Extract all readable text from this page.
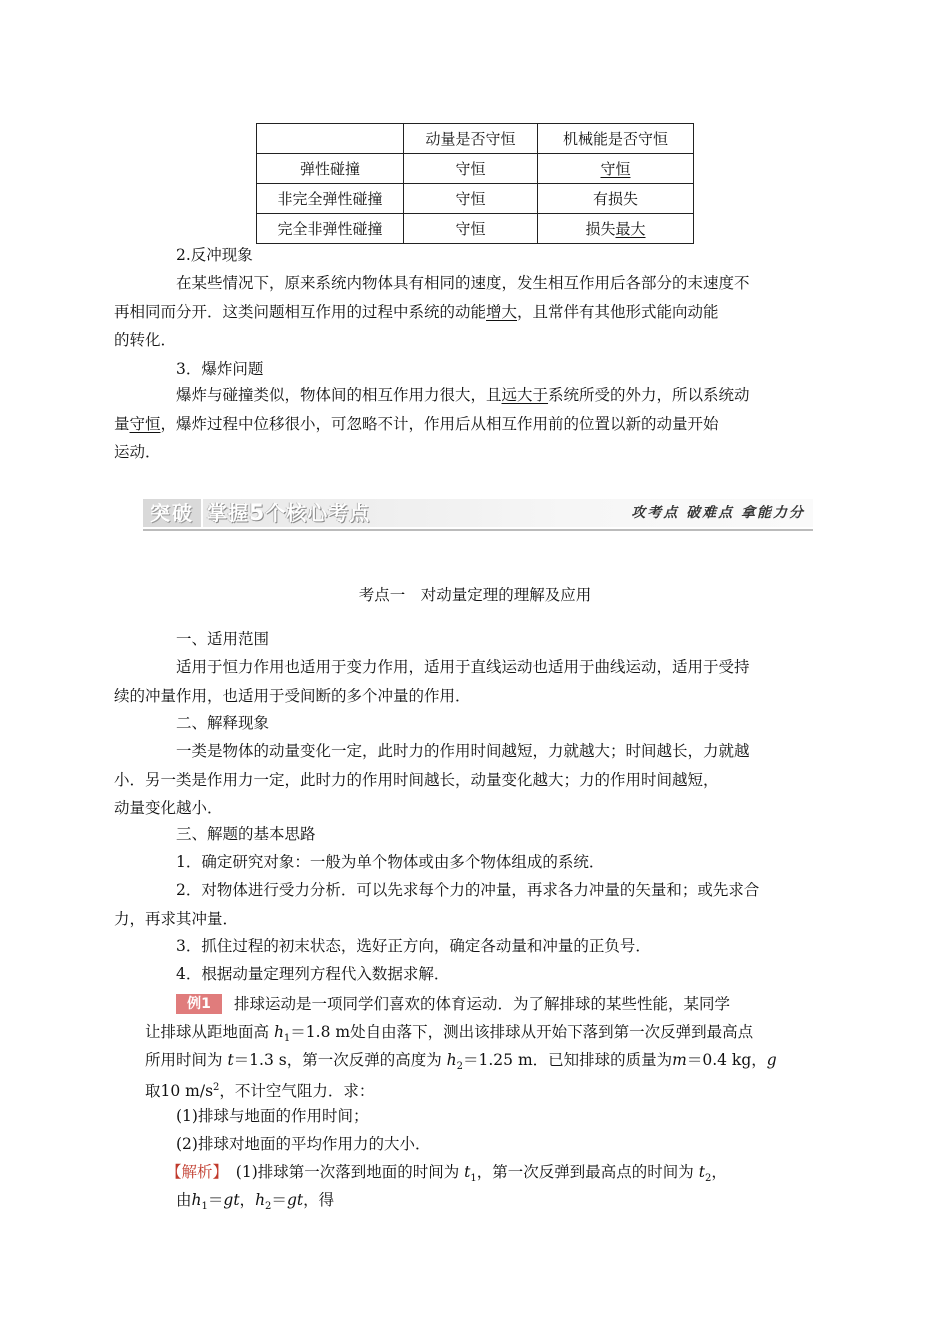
	动量是否守恒	机械能是否守恒
弹性碰撞	守恒	守恒
非完全弹性碰撞	守恒	有损失
完全非弹性碰撞	守恒	损失最大
2.反冲现象
在某些情况下，原来系统内物体具有相同的速度，发生相互作用后各部分的末速度不
再相同而分开．这类问题相互作用的过程中系统的动能增大，且常伴有其他形式能向动能
的转化．
3．爆炸问题
爆炸与碰撞类似，物体间的相互作用力很大，且远大于系统所受的外力，所以系统动
量守恒，爆炸过程中位移很小，可忽略不计，作用后从相互作用前的位置以新的动量开始
运动．
突破 掌握5个核心考点	攻考点 破难点 拿能力分
考点一　对动量定理的理解及应用
一、适用范围
适用于恒力作用也适用于变力作用，适用于直线运动也适用于曲线运动，适用于受持
续的冲量作用，也适用于受间断的多个冲量的作用．
二、解释现象
一类是物体的动量变化一定，此时力的作用时间越短，力就越大；时间越长，力就越
小．另一类是作用力一定，此时力的作用时间越长，动量变化越大；力的作用时间越短，
动量变化越小．
三、解题的基本思路
1．确定研究对象：一般为单个物体或由多个物体组成的系统．
2．对物体进行受力分析．可以先求每个力的冲量，再求各力冲量的矢量和；或先求合
力，再求其冲量．
3．抓住过程的初末状态，选好正方向，确定各动量和冲量的正负号．
4．根据动量定理列方程代入数据求解．
例1 排球运动是一项同学们喜欢的体育运动．为了解排球的某些性能，某同学
让排球从距地面高 $h_1=1.8$ m处自由落下，测出该排球从开始下落到第一次反弹到最高点
所用时间为 t＝1.3 s，第一次反弹的高度为 $h_2=1.25$ m．已知排球的质量为m＝0.4 kg，g
取10 $m/s^2$，不计空气阻力．求：
(1)排球与地面的作用时间；
(2)排球对地面的平均作用力的大小．
【解析】　 (1)排球第一次落到地面的时间为 $t_1$，第一次反弹到最高点的时间为 $t_2$，
由$h_1=gt$，$h_2=gt$，得
